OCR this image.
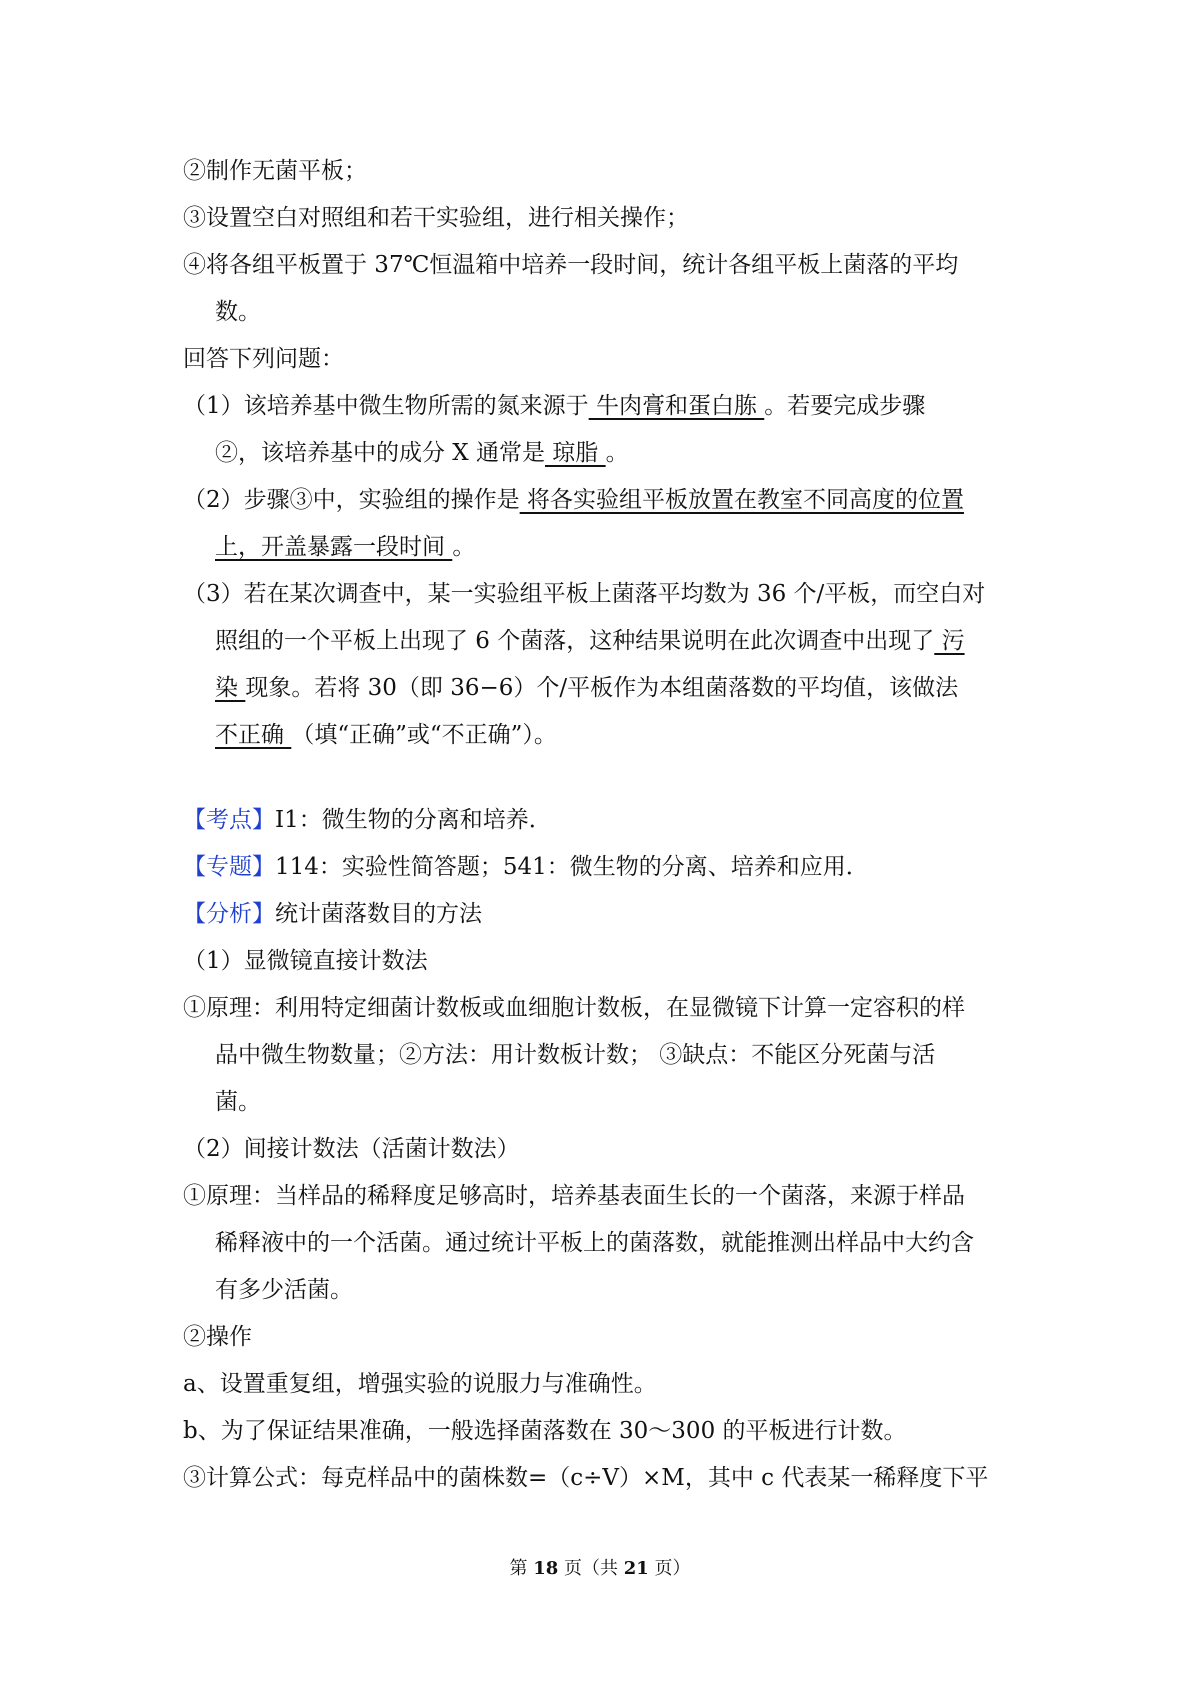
②制作无菌平板；
③设置空白对照组和若干实验组，进行相关操作；
④将各组平板置于 37℃恒温箱中培养一段时间，统计各组平板上菌落的平均
数。
回答下列问题：
（1）该培养基中微生物所需的氮来源于 牛肉膏和蛋白胨 。若要完成步骤
②，该培养基中的成分 X 通常是 琼脂 。
（2）步骤③中，实验组的操作是 将各实验组平板放置在教室不同高度的位置
上，开盖暴露一段时间 。
（3）若在某次调查中，某一实验组平板上菌落平均数为 36 个/平板，而空白对
照组的一个平板上出现了 6 个菌落，这种结果说明在此次调查中出现了 污
染 现象。若将 30（即 36−6）个/平板作为本组菌落数的平均值，该做法
不正确 （填“正确”或“不正确”）。
【考点】I1：微生物的分离和培养．
【专题】114：实验性简答题；541：微生物的分离、培养和应用．
【分析】统计菌落数目的方法
（1）显微镜直接计数法
①原理：利用特定细菌计数板或血细胞计数板，在显微镜下计算一定容积的样
品中微生物数量；②方法：用计数板计数； ③缺点：不能区分死菌与活
菌。
（2）间接计数法（活菌计数法）
①原理：当样品的稀释度足够高时，培养基表面生长的一个菌落，来源于样品
稀释液中的一个活菌。通过统计平板上的菌落数，就能推测出样品中大约含
有多少活菌。
②操作
a、设置重复组，增强实验的说服力与准确性。
b、为了保证结果准确，一般选择菌落数在 30～300 的平板进行计数。
③计算公式：每克样品中的菌株数=（c÷V）×M，其中 c 代表某一稀释度下平
第 18 页（共 21 页）
